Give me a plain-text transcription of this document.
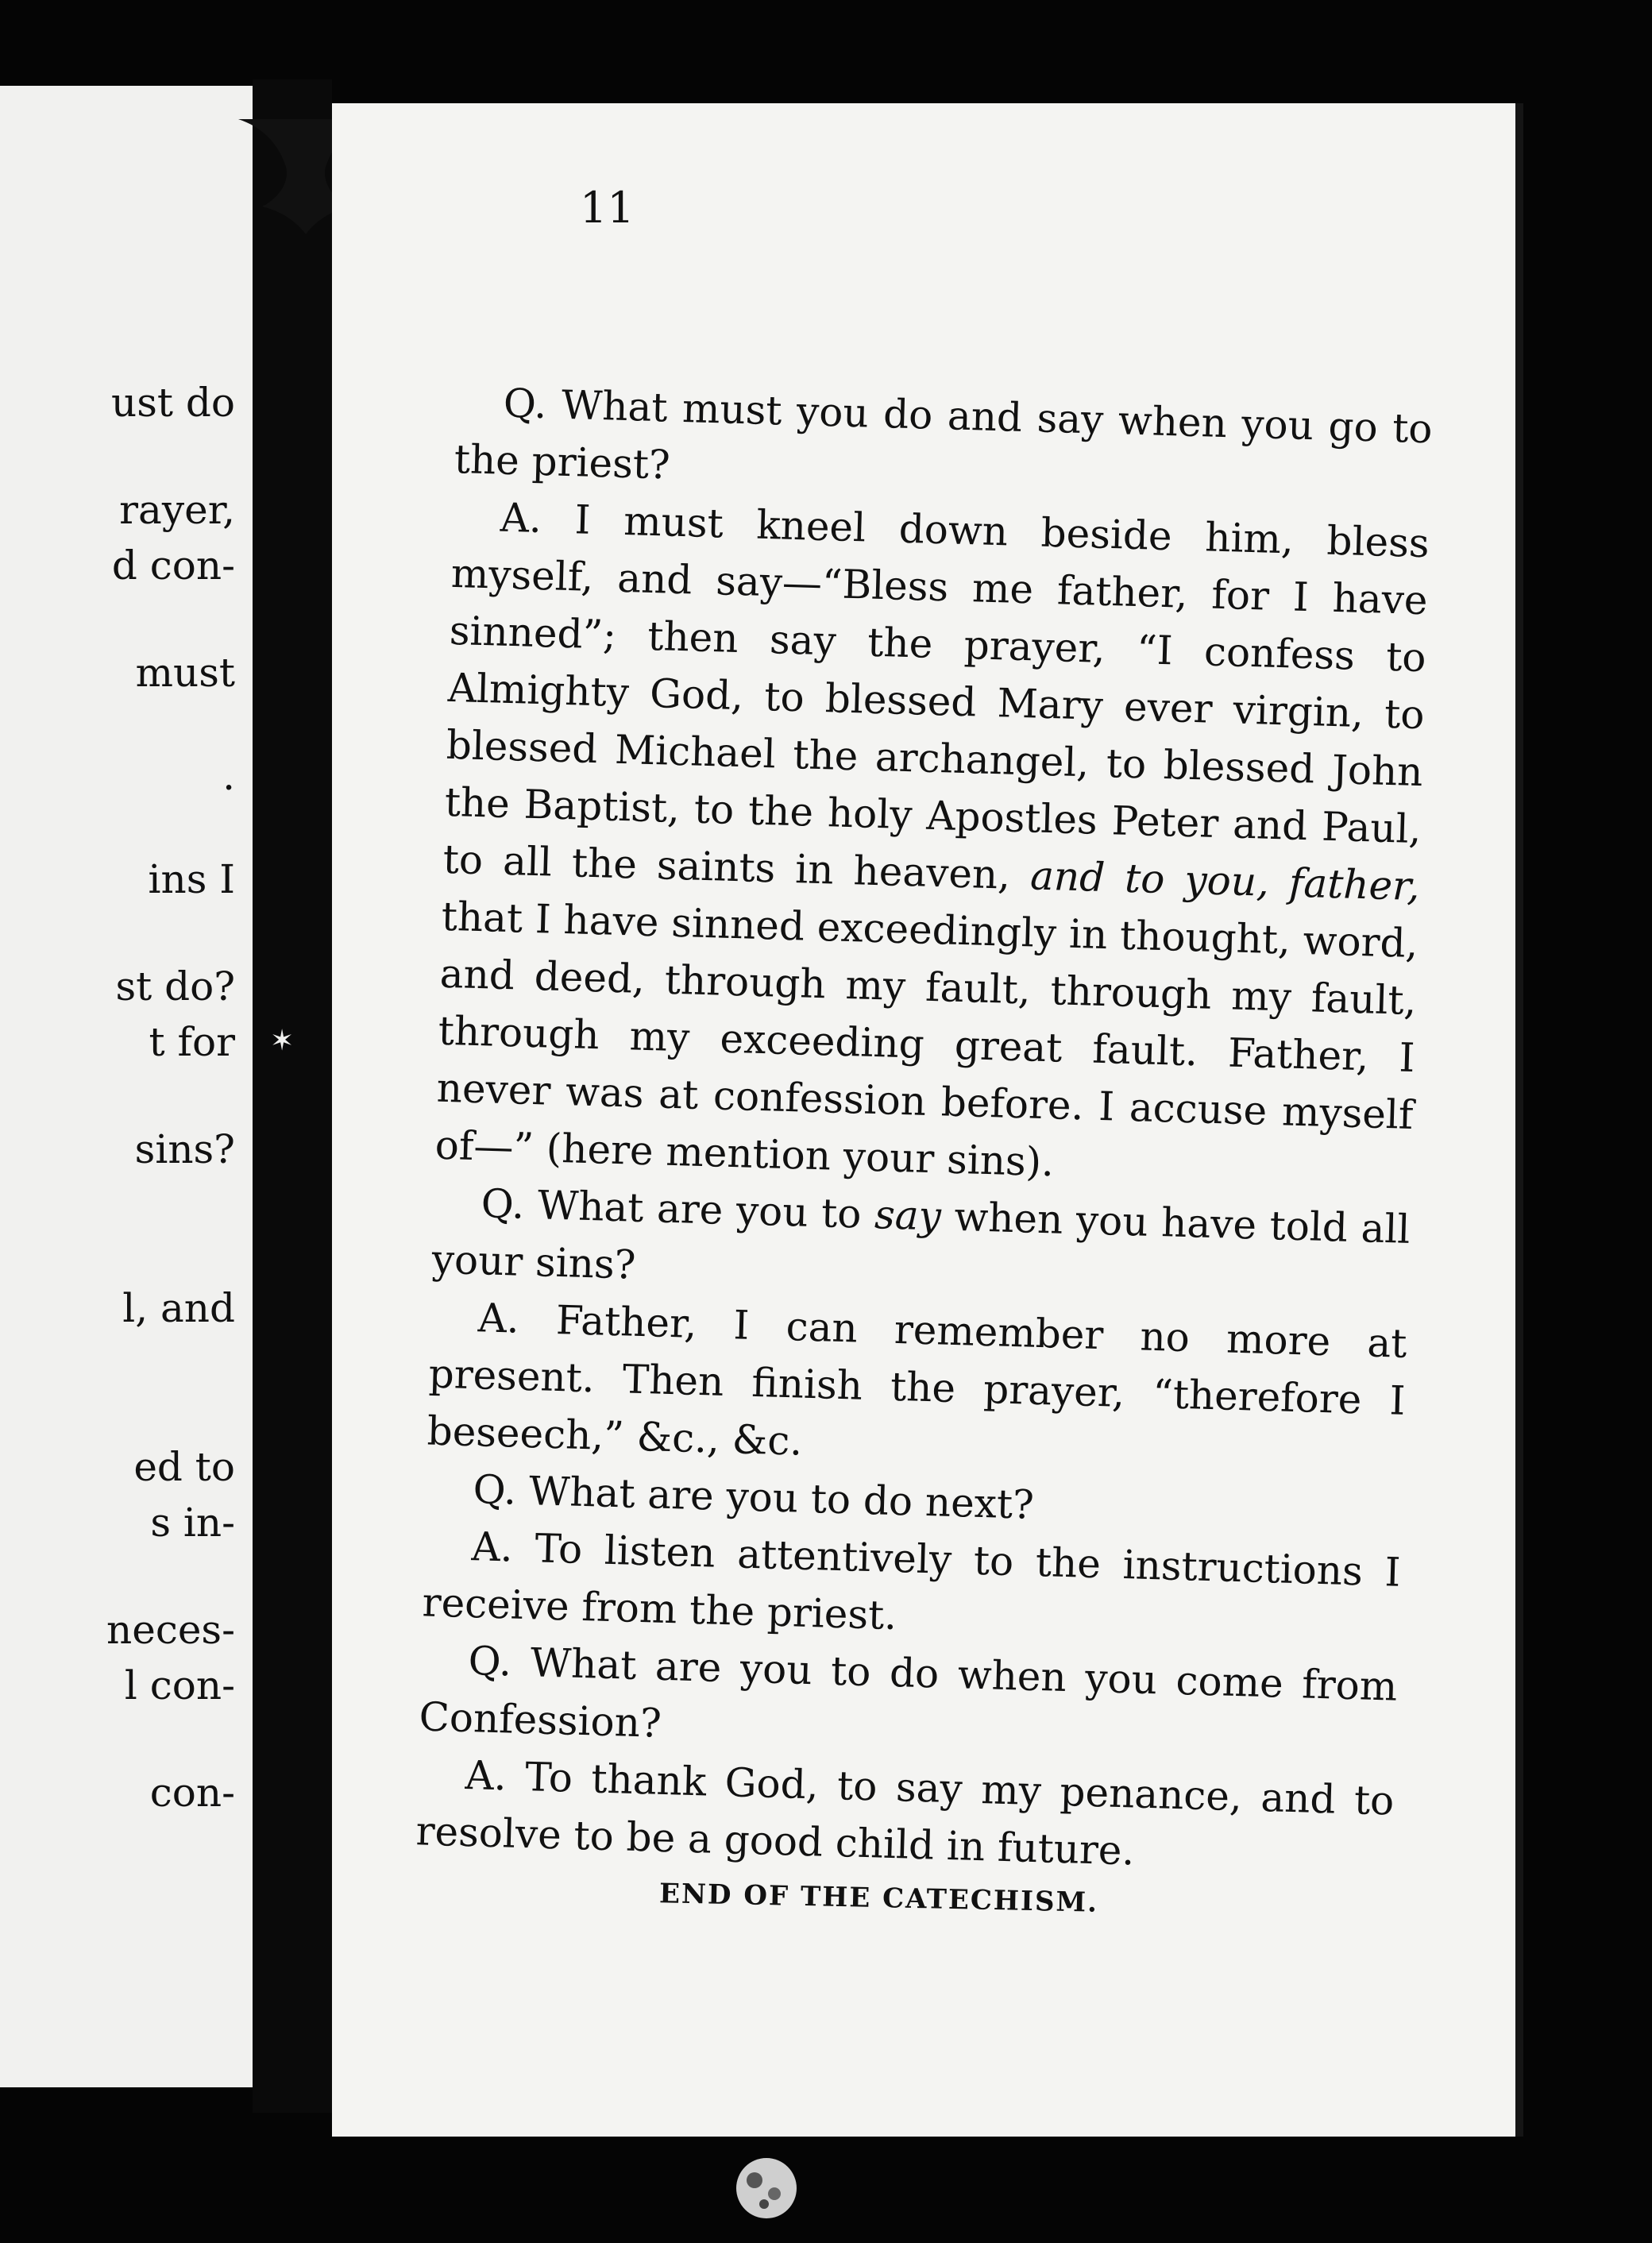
ust do
rayer,
d con-
must
.
ins I
st do?
t for
sins?
l, and
ed to
s in-
neces-
l con-
con-
✶
11

Q. What must you do and say when you go to the priest?

A. I must kneel down beside him, bless myself, and say—“Bless me father, for I have sinned”; then say the prayer, “I confess to Almighty God, to blessed Mary ever virgin, to blessed Michael the archangel, to blessed John the Baptist, to the holy Apostles Peter and Paul, to all the saints in heaven, and to you, father, that I have sinned exceedingly in thought, word, and deed, through my fault, through my fault, through my exceeding great fault. Father, I never was at confession before. I accuse myself of—” (here mention your sins).

Q. What are you to say when you have told all your sins?

A. Father, I can remember no more at present. Then finish the prayer, “therefore I beseech,” &c., &c.

Q. What are you to do next?

A. To listen attentively to the instructions I receive from the priest.

Q. What are you to do when you come from Confession?

A. To thank God, to say my penance, and to resolve to be a good child in future.

END OF THE CATECHISM.
